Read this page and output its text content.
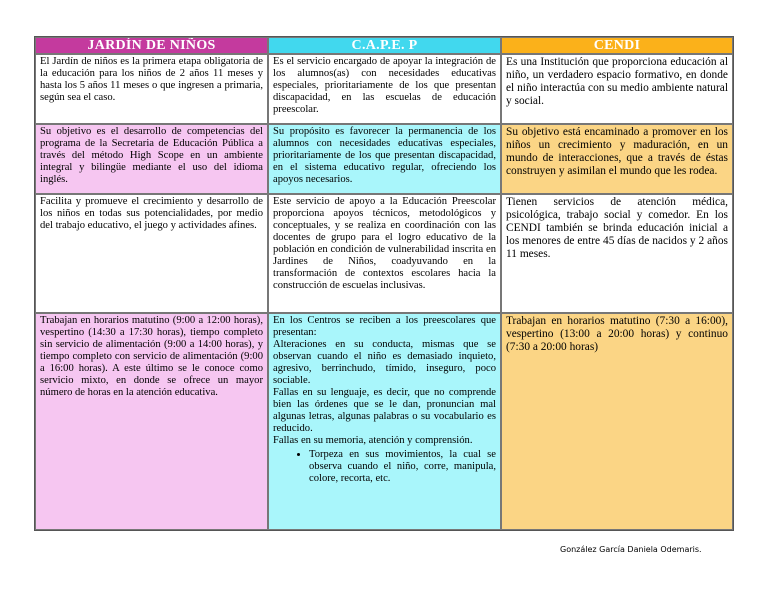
JARDÍN DE NIÑOS	C.A.P.E. P	CENDI
El Jardín de niños es la primera etapa obligatoria de la educación para los niños de 2 años 11 meses y hasta los 5 años 11 meses o que ingresen a primaria, según sea el caso.
Es el servicio encargado de apoyar la integración de los alumnos(as) con necesidades educativas especiales, prioritariamente de los que presentan discapacidad, en las escuelas de educación preescolar.
Es una Institución que proporciona educación al niño, un verdadero espacio formativo, en donde el niño interactúa con su medio ambiente natural y social.
Su objetivo es el desarrollo de competencias del programa de la Secretaria de Educación Pública a través del método High Scope en un ambiente integral y bilingüe mediante el uso del idioma inglés.
Su propósito es favorecer la permanencia de los alumnos con necesidades educativas especiales, prioritariamente de los que presentan discapacidad, en el sistema educativo regular, ofreciendo los apoyos necesarios.
Su objetivo está encaminado a promover en los niños un crecimiento y maduración, en un mundo de interacciones, que a través de éstas construyen y asimilan el mundo que les rodea.
Facilita y promueve el crecimiento y desarrollo de los niños en todas sus potencialidades, por medio del trabajo educativo, el juego y actividades afines.
Este servicio de apoyo a la Educación Preescolar proporciona apoyos técnicos, metodológicos y conceptuales, y se realiza en coordinación con las docentes de grupo para el logro educativo de la población en condición de vulnerabilidad inscrita en Jardines de Niños, coadyuvando en la transformación de contextos escolares hacia la construcción de escuelas inclusivas.
Tienen servicios de atención médica, psicológica, trabajo social y comedor. En los CENDI también se brinda educación inicial a los menores de entre 45 días de nacidos y 2 años 11 meses.
Trabajan en horarios matutino (9:00 a 12:00 horas), vespertino (14:30 a 17:30 horas), tiempo completo sin servicio de alimentación (9:00 a 14:00 horas), y tiempo completo con servicio de alimentación (9:00 a 16:00 horas). A este último se le conoce como servicio mixto, en donde se ofrece un mayor número de horas en la atención educativa.

En los Centros se reciben a los preescolares que presentan:

Alteraciones en su conducta, mismas que se observan cuando el niño es demasiado inquieto, agresivo, berrinchudo, tímido, inseguro, poco sociable.

Fallas en su lenguaje, es decir, que no comprende bien las órdenes que se le dan, pronuncian mal algunas letras, algunas palabras o su vocabulario es reducido.

Fallas en su memoria, atención y comprensión.

• Torpeza en sus movimientos, la cual se observa cuando el niño, corre, manipula, colore, recorta, etc.
Trabajan en horarios matutino (7:30 a 16:00), vespertino (13:00 a 20:00 horas) y continuo (7:30 a 20:00 horas)
González García Daniela Odemaris.
